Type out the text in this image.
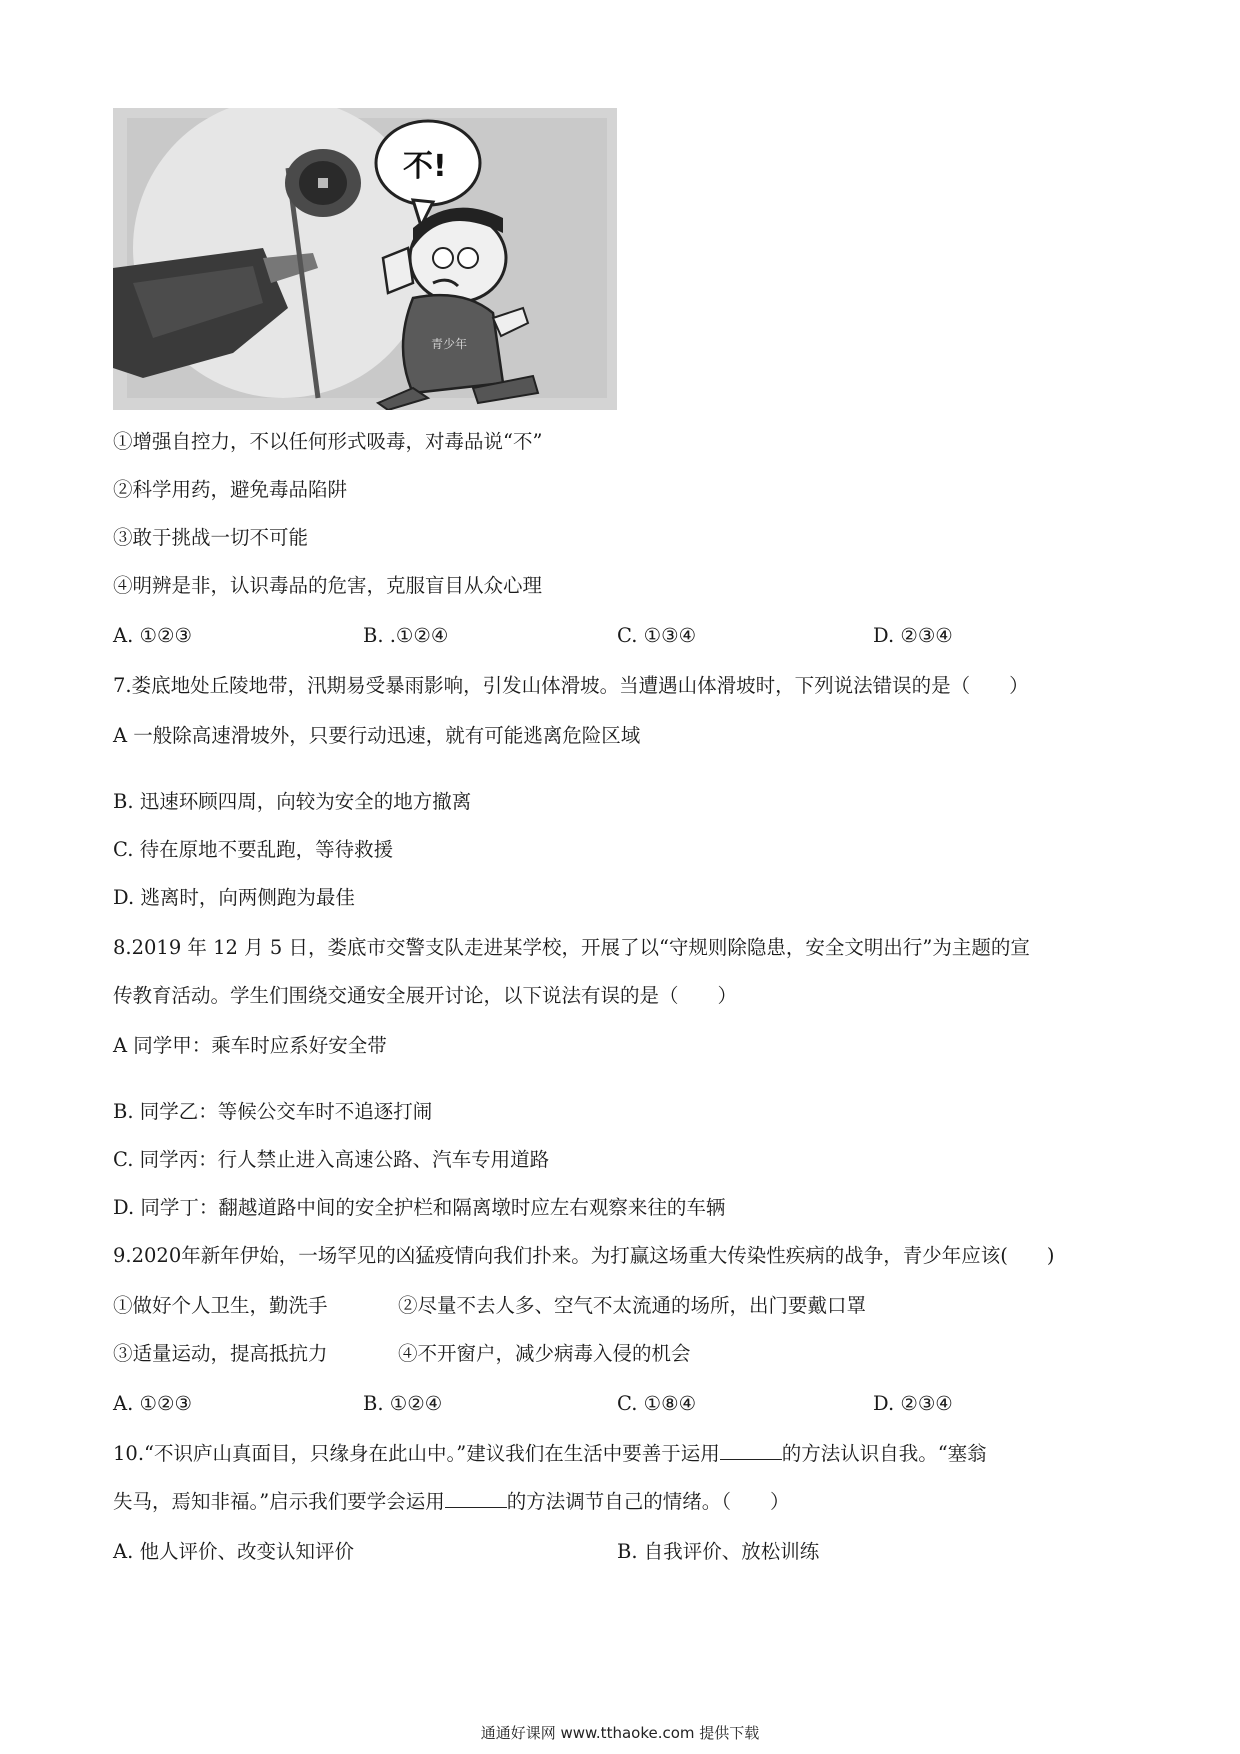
不!
青少年
①增强自控力，不以任何形式吸毒，对毒品说“不”
②科学用药，避免毒品陷阱
③敢于挑战一切不可能
④明辨是非，认识毒品的危害，克服盲目从众心理
A. ①②③	B. .①②④	C. ①③④	D. ②③④
7.娄底地处丘陵地带，汛期易受暴雨影响，引发山体滑坡。当遭遇山体滑坡时，下列说法错误的是（　　）
A 一般除高速滑坡外，只要行动迅速，就有可能逃离危险区域
B. 迅速环顾四周，向较为安全的地方撤离
C. 待在原地不要乱跑，等待救援
D. 逃离时，向两侧跑为最佳
8.2019 年 12 月 5 日，娄底市交警支队走进某学校，开展了以“守规则除隐患，安全文明出行”为主题的宣
传教育活动。学生们围绕交通安全展开讨论，以下说法有误的是（　　）
A 同学甲：乘车时应系好安全带
B. 同学乙：等候公交车时不追逐打闹
C. 同学丙：行人禁止进入高速公路、汽车专用道路
D. 同学丁：翻越道路中间的安全护栏和隔离墩时应左右观察来往的车辆
9.2020年新年伊始，一场罕见的凶猛疫情向我们扑来。为打赢这场重大传染性疾病的战争，青少年应该(　　)
①做好个人卫生，勤洗手	②尽量不去人多、空气不太流通的场所，出门要戴口罩
③适量运动，提高抵抗力	④不开窗户，减少病毒入侵的机会
A. ①②③	B. ①②④	C. ①⑧④	D. ②③④
10.“不识庐山真面目，只缘身在此山中。”建议我们在生活中要善于运用	的方法认识自我。“塞翁
失马，焉知非福。”启示我们要学会运用	的方法调节自己的情绪。（　　）
A. 他人评价、改变认知评价	B. 自我评价、放松训练
通通好课网 www.tthaoke.com 提供下载
